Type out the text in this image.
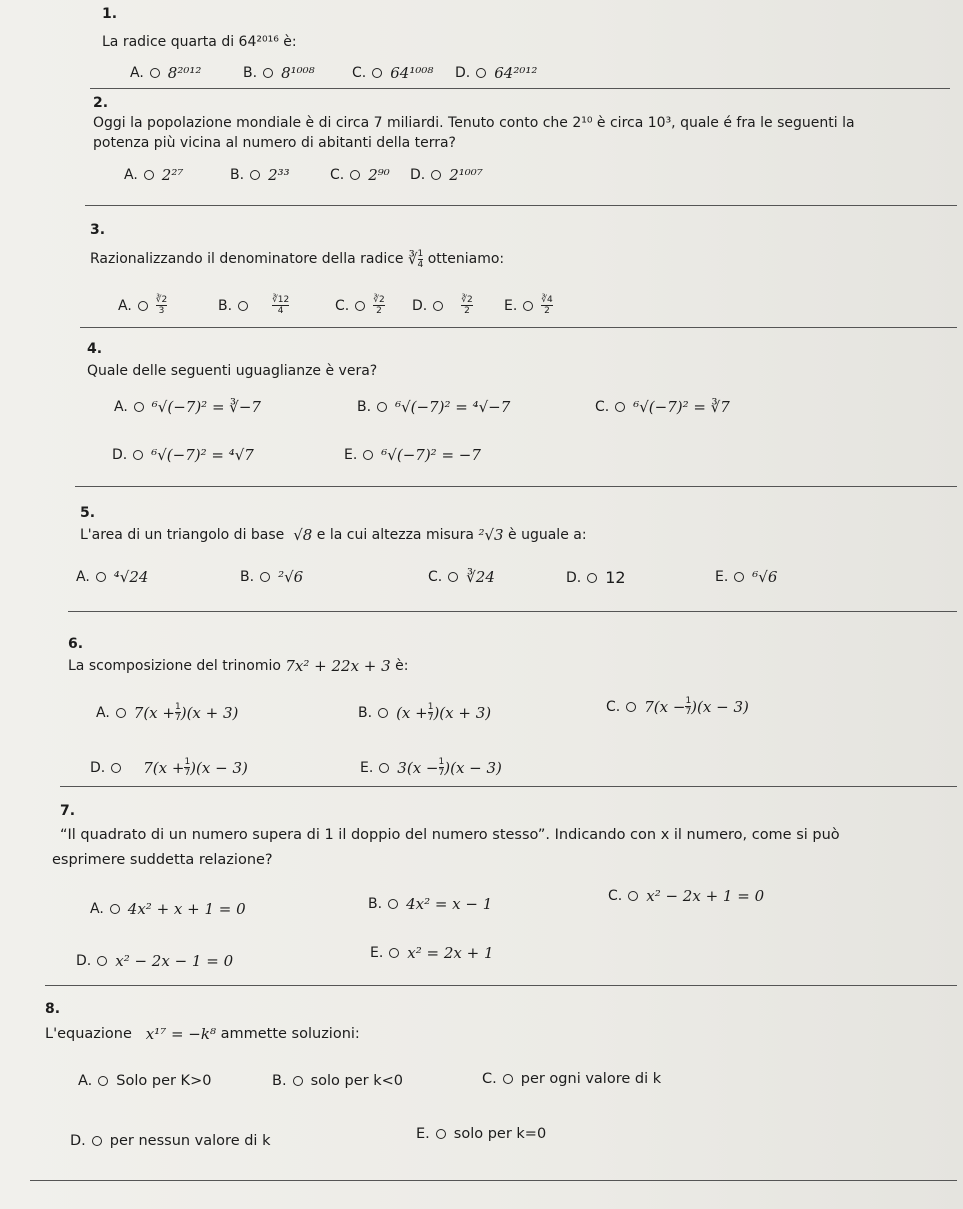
1.
La radice quarta di 64²⁰¹⁶ è:
A. 8²⁰¹²	B. 8¹⁰⁰⁸	C. 64¹⁰⁰⁸ D. 64²⁰¹²
2.
Oggi la popolazione mondiale è di circa 7 miliardi. Tenuto conto che 2¹⁰ è circa 10³, quale é fra le seguenti la
potenza più vicina al numero di abitanti della terra?
A. 2²⁷	B. 2³³	C. 2⁹⁰ D. 2¹⁰⁰⁷
3.
Razionalizzando il denominatore della radice
∛ $\frac{1}{4}$
otteniamo:
A.	$\frac{∛2}{3}$	B.	$\frac{∛12}{4}$	C.	$\frac{∛2}{2} D$.	$\frac{∛2}{2} E$.	$\frac{∛4}{2}$
4.
Quale delle seguenti uguaglianze è vera?
A. ⁶√(−7)² = ∛−7	B. ⁶√(−7)² = ⁴√−7	C. ⁶√(−7)² = ∛7
D. ⁶√(−7)² = ⁴√7	E. ⁶√(−7)² = −7
5.
L'area di un triangolo di base
√8
e la cui altezza misura
²√3
è uguale a:
A. ⁴√24	B. ²√6	C. ∛24	D. 12	E. ⁶√6
6.
La scomposizione del trinomio
7x² + 22x + 3
è:
A. $7(x + \frac{1}{7} )(x + 3)$	B. $(x + \frac{1}{7} )(x + 3)$	C. $7(x - \frac{1}{7} )(x - 3)$
D.	$7(x + \frac{1}{7} )(x - 3)$	E. $3(x - \frac{1}{7} )(x - 3)$
7.
“Il quadrato di un numero supera di 1 il doppio del numero stesso”. Indicando con x il numero, come si può
esprimere suddetta relazione?
A. 4x² + x + 1 = 0	B. 4x² = x − 1	C. x² − 2x + 1 = 0
D. x² − 2x − 1 = 0	E. x² = 2x + 1
8.
L'equazione
x¹⁷ = −k⁸
ammette soluzioni:
A. Solo per K>0	B. solo per k<0	C. per ogni valore di k
D. per nessun valore di k	E. solo per k=0
